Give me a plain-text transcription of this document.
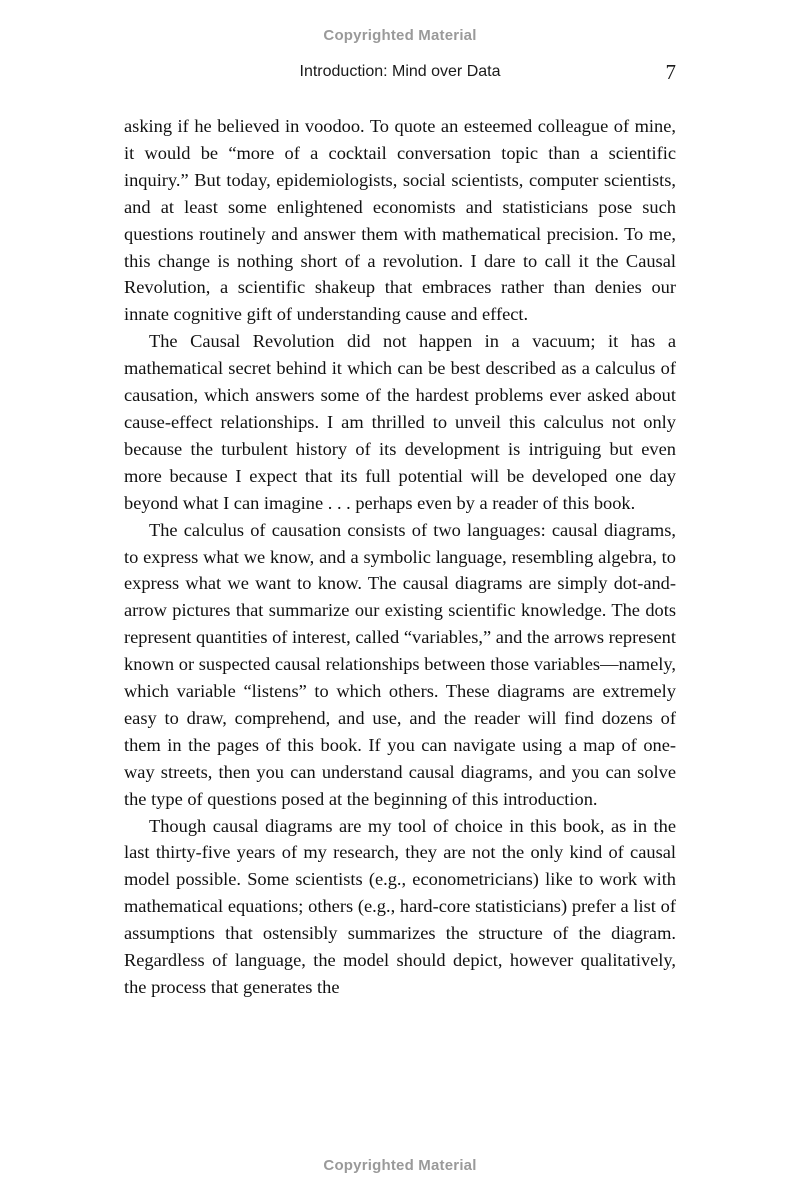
Copyrighted Material
Introduction: Mind over Data	7

asking if he believed in voodoo. To quote an esteemed colleague of mine, it would be “more of a cocktail conversation topic than a scientific inquiry.” But today, epidemiologists, social scientists, computer scientists, and at least some enlightened economists and statisticians pose such questions routinely and answer them with mathematical precision. To me, this change is nothing short of a revolution. I dare to call it the Causal Revolution, a scientific shakeup that embraces rather than denies our innate cognitive gift of understanding cause and effect.

The Causal Revolution did not happen in a vacuum; it has a mathematical secret behind it which can be best described as a calculus of causation, which answers some of the hardest problems ever asked about cause-effect relationships. I am thrilled to unveil this calculus not only because the turbulent history of its development is intriguing but even more because I expect that its full potential will be developed one day beyond what I can imagine . . . perhaps even by a reader of this book.

The calculus of causation consists of two languages: causal diagrams, to express what we know, and a symbolic language, resembling algebra, to express what we want to know. The causal diagrams are simply dot-and-arrow pictures that summarize our existing scientific knowledge. The dots represent quantities of interest, called “variables,” and the arrows represent known or suspected causal relationships between those variables—namely, which variable “listens” to which others. These diagrams are extremely easy to draw, comprehend, and use, and the reader will find dozens of them in the pages of this book. If you can navigate using a map of one-way streets, then you can understand causal diagrams, and you can solve the type of questions posed at the beginning of this introduction.

Though causal diagrams are my tool of choice in this book, as in the last thirty-five years of my research, they are not the only kind of causal model possible. Some scientists (e.g., econometricians) like to work with mathematical equations; others (e.g., hard-core statisticians) prefer a list of assumptions that ostensibly summarizes the structure of the diagram. Regardless of language, the model should depict, however qualitatively, the process that generates the

Copyrighted Material
